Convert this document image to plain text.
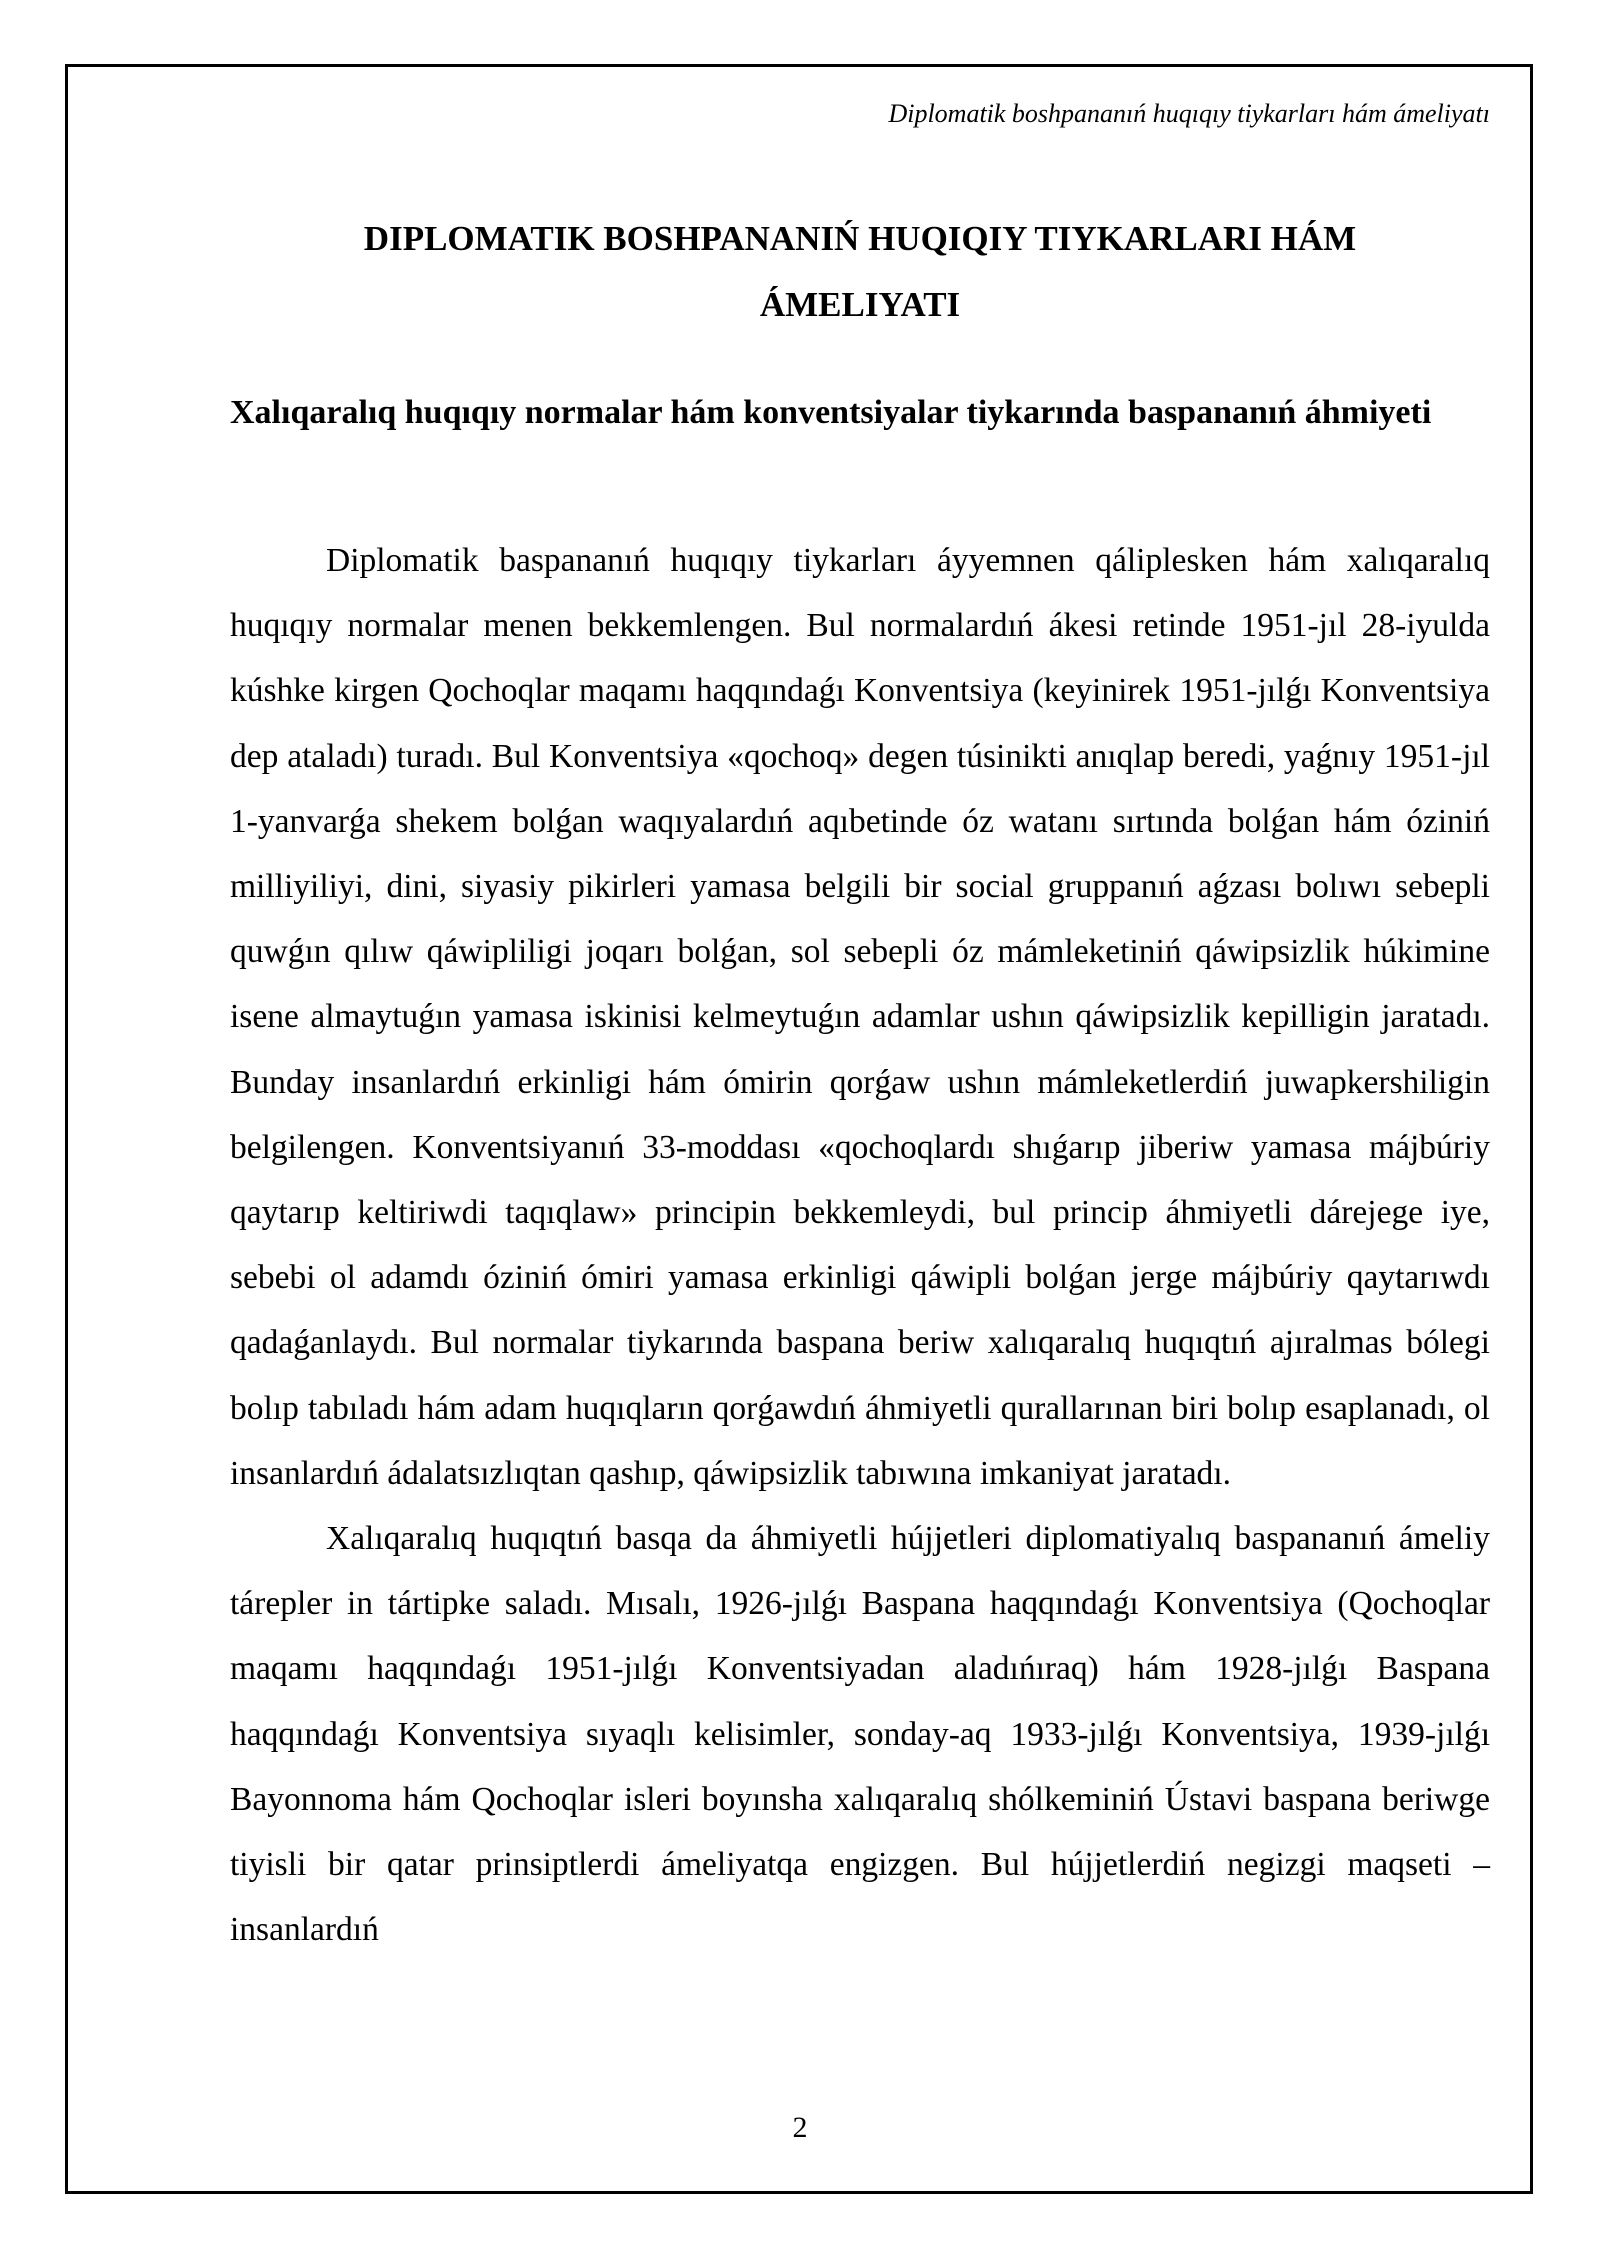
Diplomatik boshpananıń huqıqıy tiykarları hám ámeliyatı
DIPLOMATIK BOSHPANANIŃ HUQIQIY TIYKARLARI HÁM
ÁMELIYATI
Xalıqaralıq huqıqıy normalar hám konventsiyalar tiykarında baspananıń áhmiyeti

Diplomatik baspananıń huqıqıy tiykarları áyyemnen qálipleskеn hám xalıqaralıq huqıqıy normalar menen bekkemlengen. Bul normalardıń ákesi retinde 1951-jıl 28-iyulda kúshke kirgen Qochoqlar maqamı haqqındaǵı Konventsiya (keyinirek 1951-jılǵı Konventsiya dep ataladı) turadı. Bul Konventsiya «qochoq» degen túsinikti anıqlap beredi, yaǵnıy 1951-jıl 1-yanvarǵa shekem bolǵan waqıyalardıń aqıbetinde óz watanı sırtında bolǵan hám óziniń milliyiliyi, dini, siyasiy pikirleri yamasa belgili bir social gruppanıń aǵzası bolıwı sebepli quwǵın qılıw qáwipliligi joqarı bolǵan, sol sebepli óz mámleketiniń qáwipsizlik húkimine isene almaytuǵın yamasa iskinisi kelmeytuǵın adamlar ushın qáwipsizlik kepilligin jaratadı. Bunday insanlardıń erkinligi hám ómirin qorǵaw ushın mámleketlerdiń juwapkershiligin belgilengen. Konventsiyanıń 33-moddası «qochoqlardı shıǵarıp jiberiw yamasa májbúriy qaytarıp keltiriwdi taqıqlaw» principin bekkemleydi, bul princip áhmiyetli dárejege iye, sebebi ol adamdı óziniń ómiri yamasa erkinligi qáwipli bolǵan jerge májbúriy qaytarıwdı qadaǵanlaydı. Bul normalar tiykarında baspana beriw xalıqaralıq huqıqtıń ajıralmas bólegi bolıp tabıladı hám adam huqıqların qorǵawdıń áhmiyetli qurallarınan biri bolıp esaplanadı, ol insanlardıń ádalatsızlıqtan qashıp, qáwipsizlik tabıwına imkaniyat jaratadı.

Xalıqaralıq huqıqtıń basqa da áhmiyetli hújjetleri diplomatiyalıq baspananıń ámeliy tárepler in tártipke saladı. Mısalı, 1926-jılǵı Baspana haqqındaǵı Konventsiya (Qochoqlar maqamı haqqındaǵı 1951-jılǵı Konventsiyadan aladıńıraq) hám 1928-jılǵı Baspana haqqındaǵı Konventsiya sıyaqlı kelisimler, sonday-aq 1933-jılǵı Konventsiya, 1939-jılǵı Bayonnoma hám Qochoqlar isleri boyınsha xalıqaralıq shólkeminiń Ústavi baspana beriwge tiyisli bir qatar prinsiptlerdi ámeliyatqa engizgen. Bul hújjetlerdiń negizgi maqseti – insanlardıń

2
